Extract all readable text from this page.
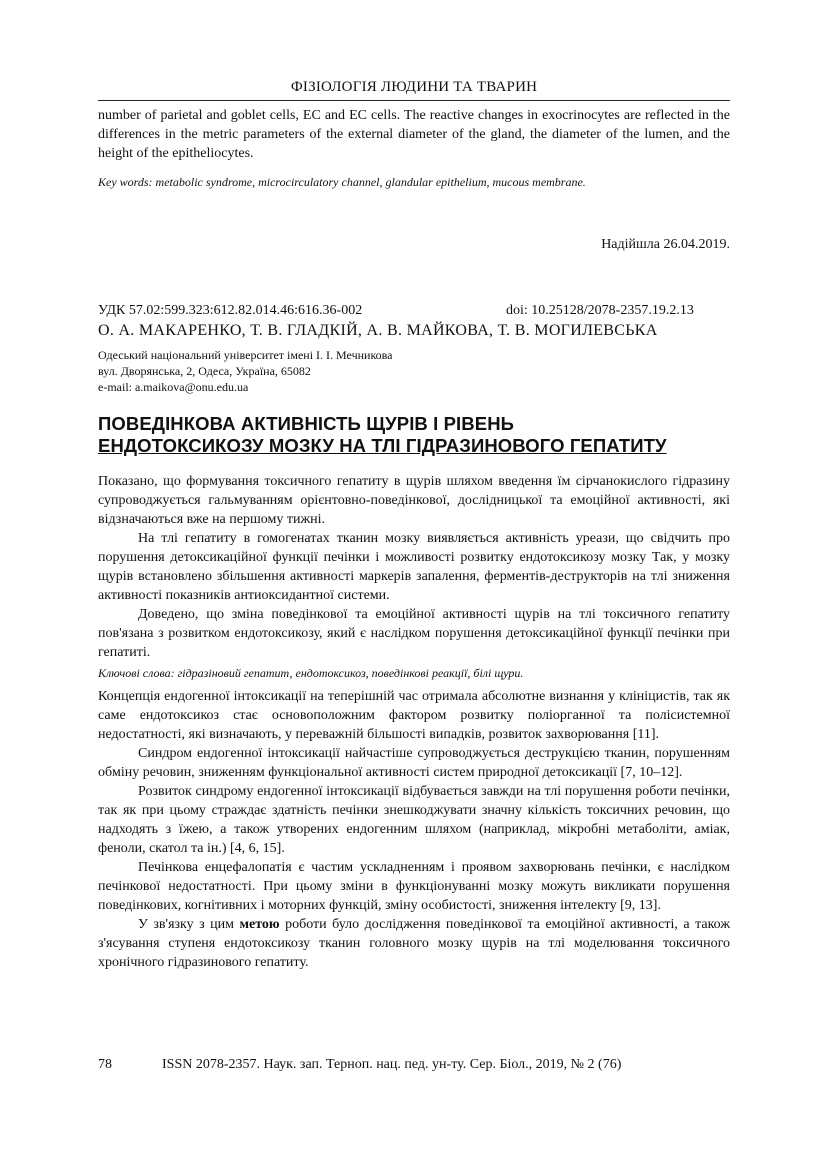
ФІЗІОЛОГІЯ ЛЮДИНИ ТА ТВАРИН

number of parietal and goblet cells, EC and EC cells. The reactive changes in exocrinocytes are reflected in the differences in the metric parameters of the external diameter of the gland, the diameter of the lumen, and the height of the epitheliocytes.

Key words: metabolic syndrome, microcirculatory channel, glandular epithelium, mucous membrane.
Надійшла 26.04.2019.
УДК 57.02:599.323:612.82.014.46:616.36-002	doi: 10.25128/2078-2357.19.2.13
О. А. МАКАРЕНКО, Т. В. ГЛАДКІЙ, А. В. МАЙКОВА, Т. В. МОГИЛЕВСЬКА
Одеський національний університет імені І. І. Мечникова
вул. Дворянська, 2, Одеса, Україна, 65082
e-mail: a.maikova@onu.edu.ua
ПОВЕДІНКОВА АКТИВНІСТЬ ЩУРІВ І РІВЕНЬ
ЕНДОТОКСИКОЗУ МОЗКУ НА ТЛІ ГІДРАЗИНОВОГО ГЕПАТИТУ

Показано, що формування токсичного гепатиту в щурів шляхом введення їм сірчанокислого гідразину супроводжується гальмуванням орієнтовно-поведінкової, дослідницької та емоційної активності, які відзначаються вже на першому тижні.

На тлі гепатиту в гомогенатах тканин мозку виявляється активність уреази, що свідчить про порушення детоксикаційної функції печінки і можливості розвитку ендотоксикозу мозку Так, у мозку щурів встановлено збільшення активності маркерів запалення, ферментів-деструкторів на тлі зниження активності показників антиоксидантної системи.

Доведено, що зміна поведінкової та емоційної активності щурів на тлі токсичного гепатиту пов'язана з розвитком ендотоксикозу, який є наслідком порушення детоксикаційної функції печінки при гепатиті.

Ключові слова: гідразіновий гепатит, ендотоксикоз, поведінкові реакції, білі щури.

Концепція ендогенної інтоксикації на теперішній час отримала абсолютне визнання у клініцистів, так як саме ендотоксикоз стає основоположним фактором розвитку поліорганної та полісистемної недостатності, які визначають, у переважній більшості випадків, розвиток захворювання [11].

Синдром ендогенної інтоксикації найчастіше супроводжується деструкцією тканин, порушенням обміну речовин, зниженням функціональної активності систем природної детоксикації [7, 10–12].

Розвиток синдрому ендогенної інтоксикації відбувається завжди на тлі порушення роботи печінки, так як при цьому страждає здатність печінки знешкоджувати значну кількість токсичних речовин, що надходять з їжею, а також утворених ендогенним шляхом (наприклад, мікробні метаболіти, аміак, феноли, скатол та ін.) [4, 6, 15].

Печінкова енцефалопатія є частим ускладненням і проявом захворювань печінки, є наслідком печінкової недостатності. При цьому зміни в функціонуванні мозку можуть викликати порушення поведінкових, когнітивних і моторних функцій, зміну особистості, зниження інтелекту [9, 13].

У зв'язку з цим метою роботи було дослідження поведінкової та емоційної активності, а також з'ясування ступеня ендотоксикозу тканин головного мозку щурів на тлі моделювання токсичного хронічного гідразинового гепатиту.

78	ISSN 2078-2357. Наук. зап. Терноп. нац. пед. ун-ту. Сер. Біол., 2019, № 2 (76)
